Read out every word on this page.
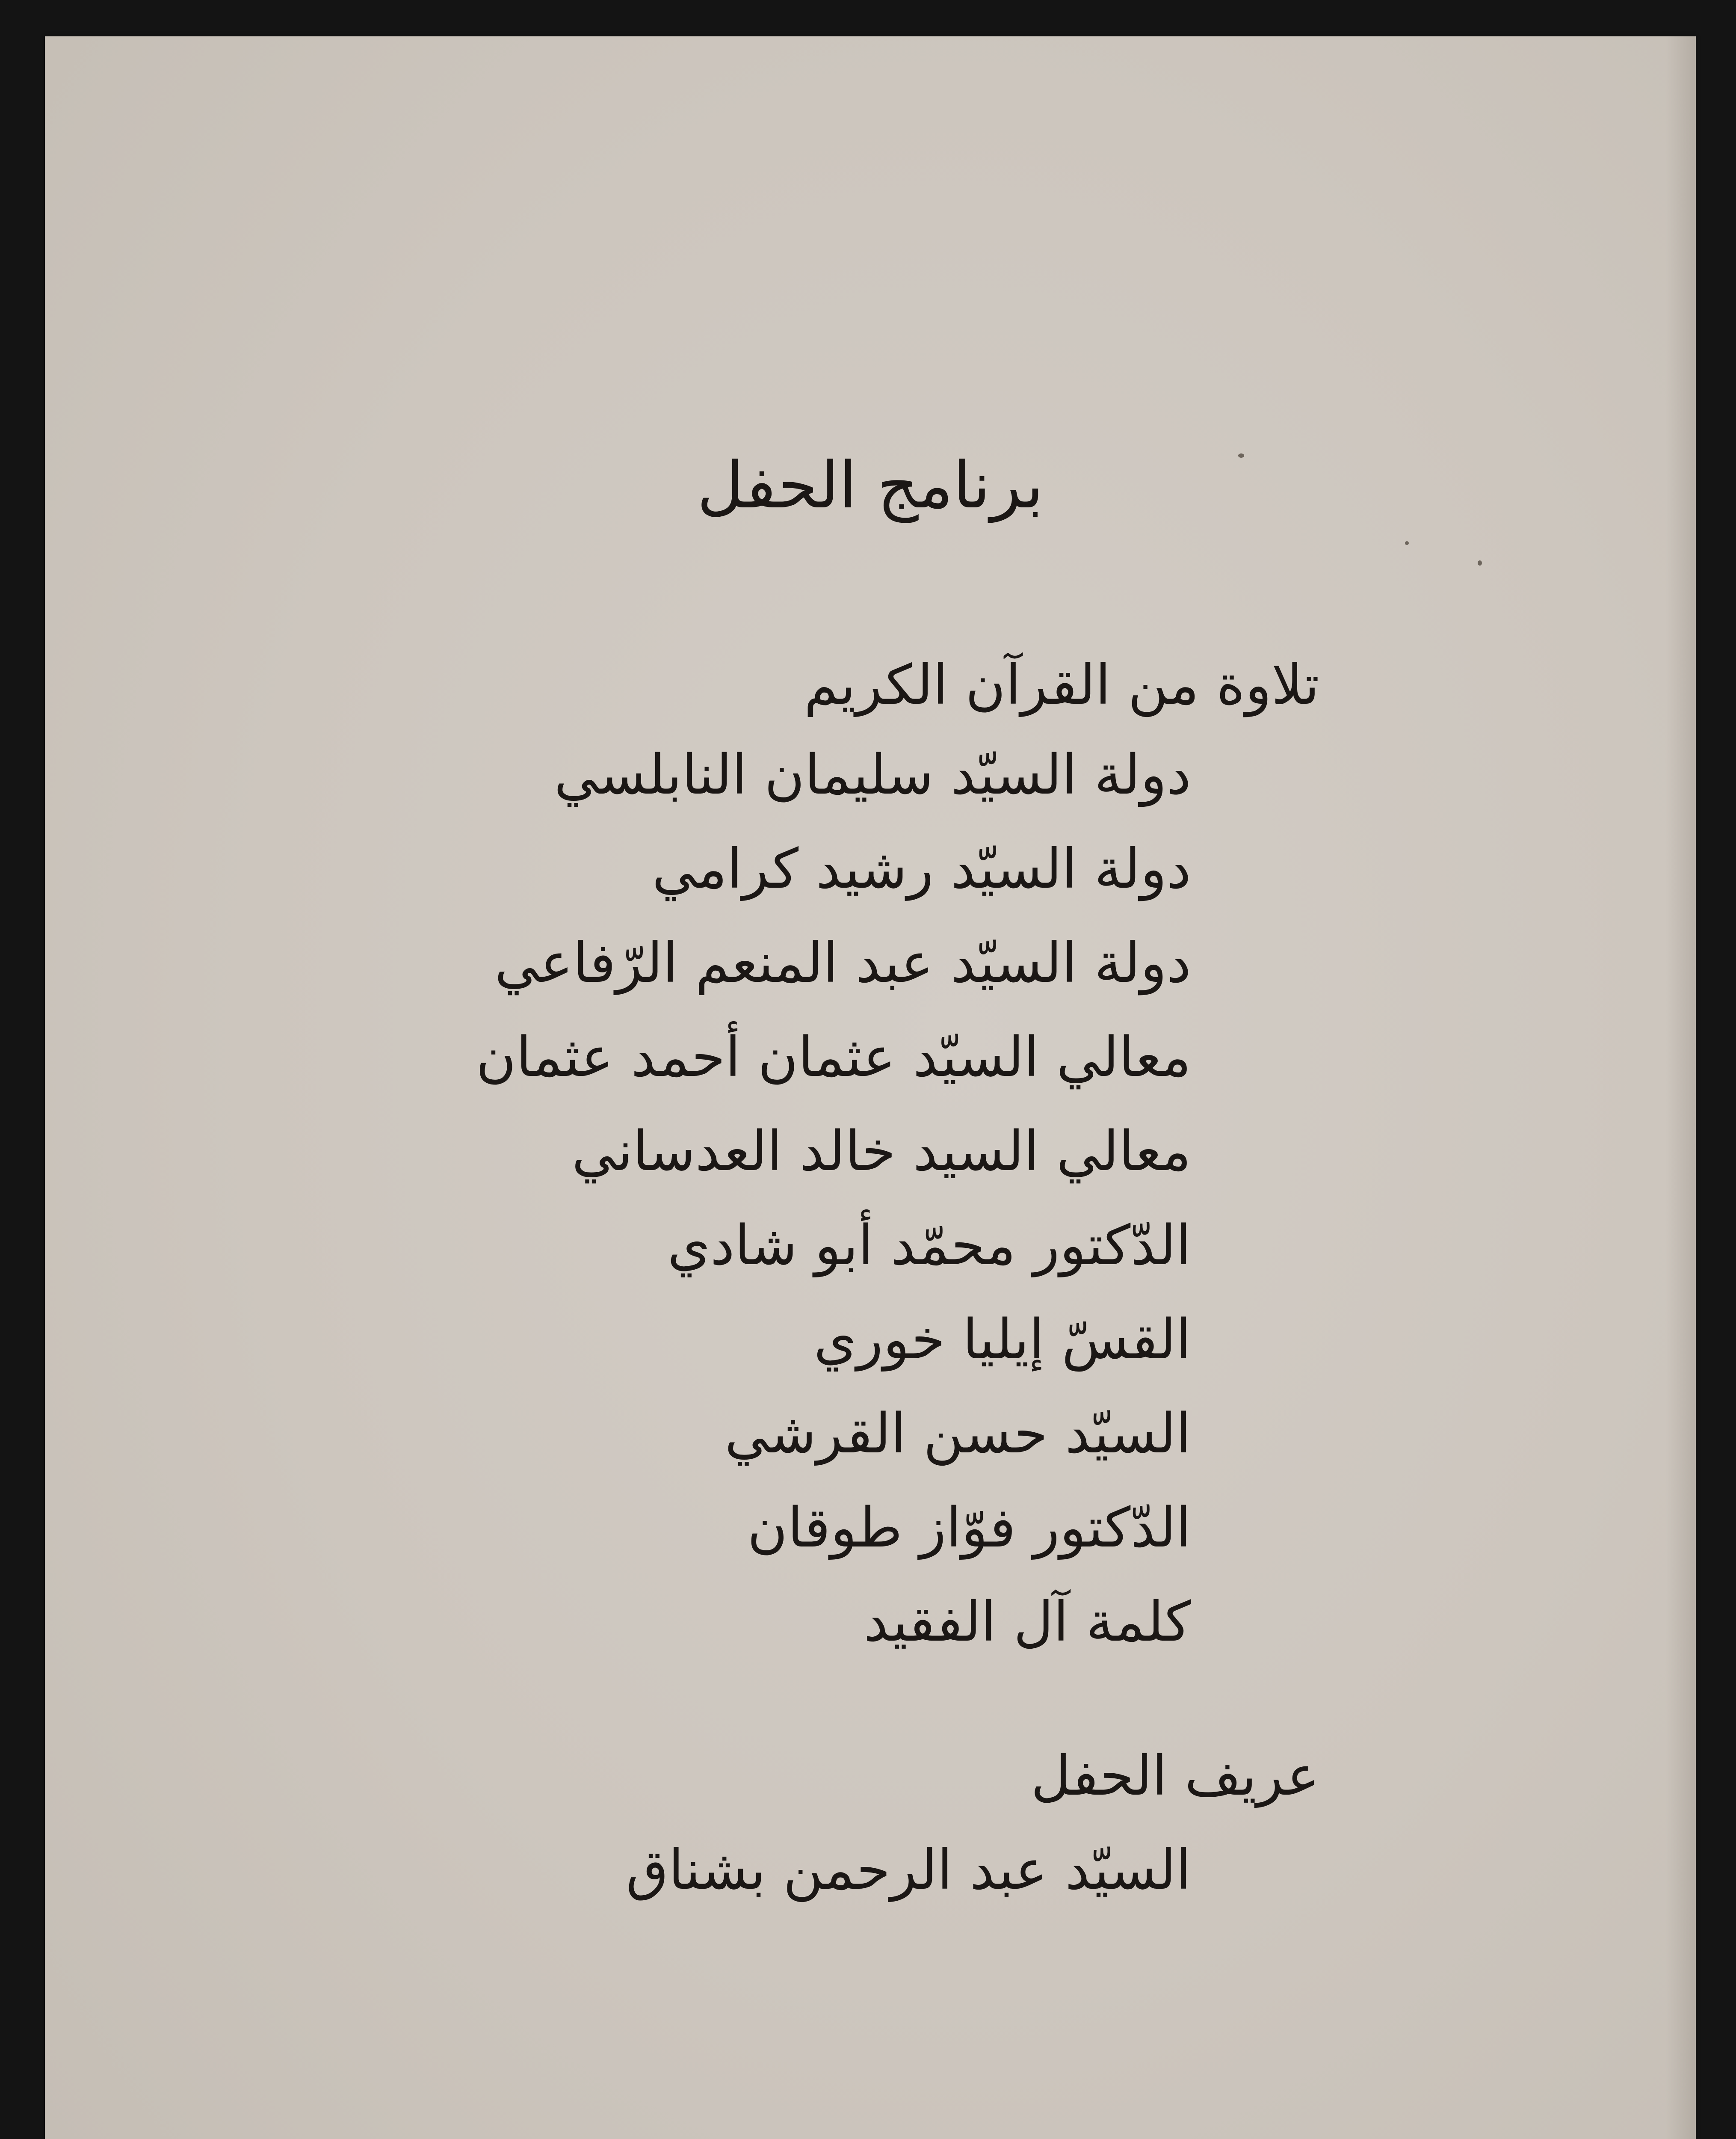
برنامج الحفل
تلاوة من القرآن الكريم
دولة السيّد سليمان النابلسي
دولة السيّد رشيد كرامي
دولة السيّد عبد المنعم الرّفاعي
معالي السيّد عثمان أحمد عثمان
معالي السيد خالد العدساني
الدّكتور محمّد أبو شادي
القسّ إيليا خوري
السيّد حسن القرشي
الدّكتور فوّاز طوقان
كلمة آل الفقيد
عريف الحفل
السيّد عبد الرحمن بشناق
